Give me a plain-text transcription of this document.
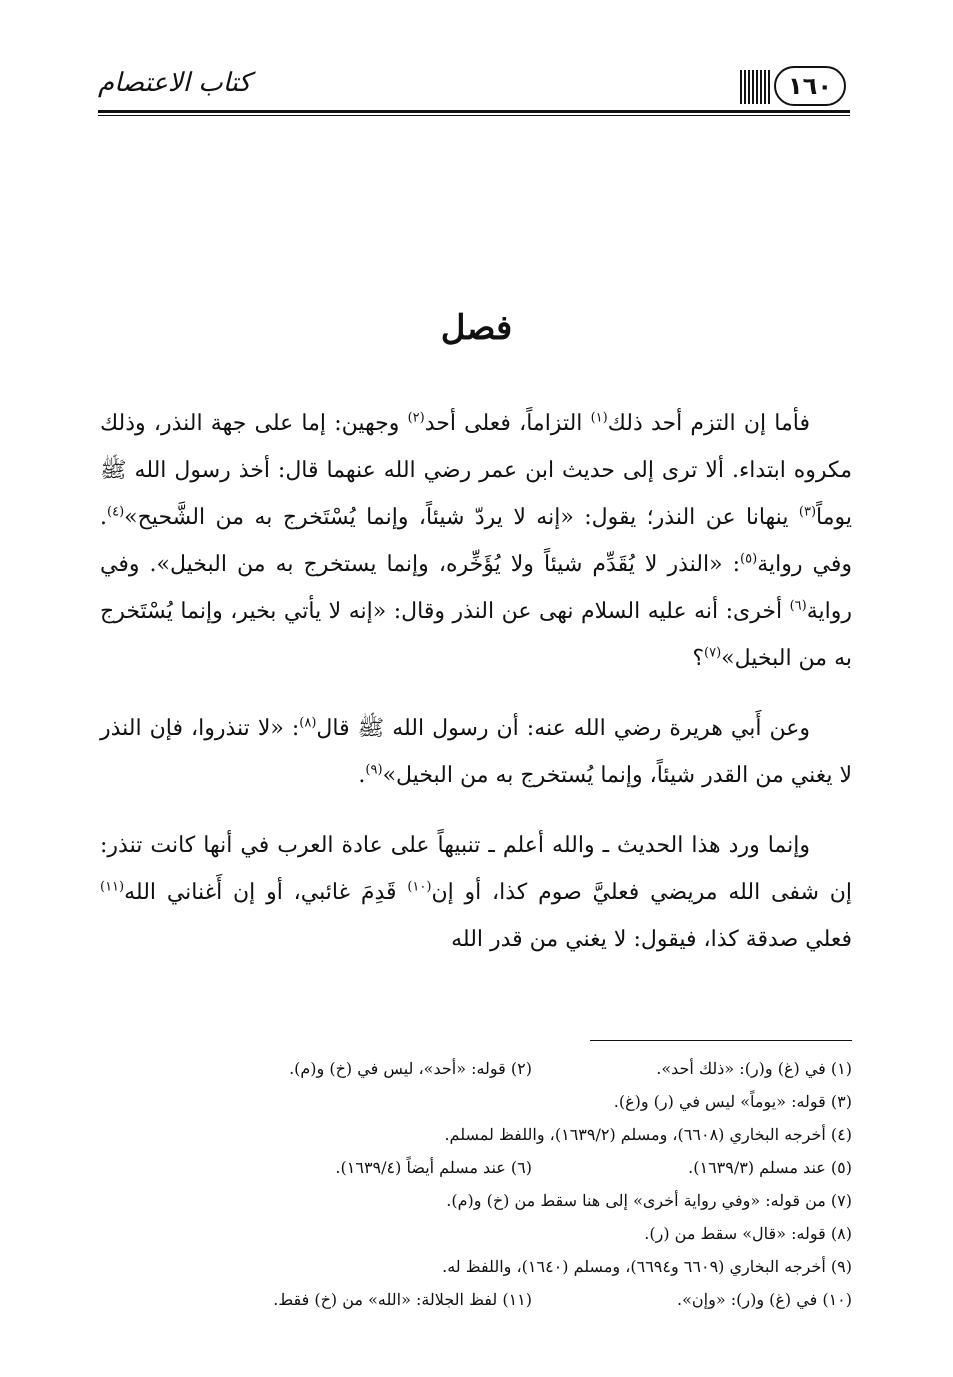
كتاب الاعتصام	١٦٠
فصل

فأما إن التزم أحد ذلك$^{(١)}$ التزاماً، فعلى أحد$^{(٢)}$ وجهين: إما على جهة النذر، وذلك مكروه ابتداء. ألا ترى إلى حديث ابن عمر رضي الله عنهما قال: أخذ رسول الله ﷺ يوماً$^{(٣)}$ ينهانا عن النذر؛ يقول: «إنه لا يردّ شيئاً، وإنما يُسْتَخرج به من الشَّحيح»$^{(٤)}$. وفي رواية$^{(٥)}$: «النذر لا يُقَدِّم شيئاً ولا يُؤَخِّره، وإنما يستخرج به من البخيل». وفي رواية$^{(٦)}$ أخرى: أنه عليه السلام نهى عن النذر وقال: «إنه لا يأتي بخير، وإنما يُسْتَخرج به من البخيل»$^{(٧)}$؟

وعن أَبي هريرة رضي الله عنه: أن رسول الله ﷺ قال$^{(٨)}$: «لا تنذروا، فإن النذر لا يغني من القدر شيئاً، وإنما يُستخرج به من البخيل»$^{(٩)}$.

وإنما ورد هذا الحديث ـ والله أعلم ـ تنبيهاً على عادة العرب في أنها كانت تنذر: إن شفى الله مريضي فعليَّ صوم كذا، أو إن$^{(١٠)}$ قَدِمَ غائبي، أو إن أَغناني الله$^{(١١)}$ فعلي صدقة كذا، فيقول: لا يغني من قدر الله

(١) في (غ) و(ر): «ذلك أحد».
(٢) قوله: «أحد»، ليس في (خ) و(م).
(٣) قوله: «يوماً» ليس في (ر) و(غ).
(٤) أخرجه البخاري (٦٦٠٨)، ومسلم (١٦٣٩/٢)، واللفظ لمسلم.
(٥) عند مسلم (١٦٣٩/٣).
(٦) عند مسلم أيضاً (١٦٣٩/٤).
(٧) من قوله: «وفي رواية أخرى» إلى هنا سقط من (خ) و(م).
(٨) قوله: «قال» سقط من (ر).
(٩) أخرجه البخاري (٦٦٠٩ و٦٦٩٤)، ومسلم (١٦٤٠)، واللفظ له.
(١٠) في (غ) و(ر): «وإن».
(١١) لفظ الجلالة: «الله» من (خ) فقط.
